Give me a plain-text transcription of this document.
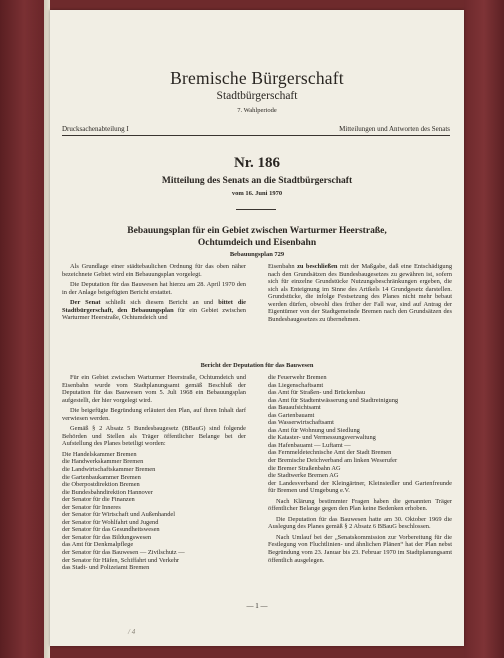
Bremische Bürgerschaft
Stadtbürgerschaft
7. Wahlperiode
Drucksachenabteilung I	Mitteilungen und Antworten des Senats
Nr. 186
Mitteilung des Senats an die Stadtbürgerschaft
vom 16. Juni 1970
Bebauungsplan für ein Gebiet zwischen Warturmer Heerstraße,
Ochtumdeich und Eisenbahn
Bebauungsplan 729

Als Grundlage einer städtebaulichen Ordnung für das oben näher bezeichnete Gebiet wird ein Bebauungsplan vorgelegt.

Die Deputation für das Bauwesen hat hierzu am 28. April 1970 den in der Anlage beigefügten Bericht erstattet.

Der Senat schließt sich diesem Bericht an und bittet die Stadtbürgerschaft, den Bebauungsplan für ein Gebiet zwischen Warturmer Heerstraße, Ochtumdeich und

Eisenbahn zu beschließen mit der Maßgabe, daß eine Entschädigung nach den Grundsätzen des Bundesbaugesetzes zu gewähren ist, sofern sich für einzelne Grundstücke Nutzungsbeschränkungen ergeben, die sich als Enteignung im Sinne des Artikels 14 Grundgesetz darstellen. Grundstücke, die infolge Festsetzung des Planes nicht mehr bebaut werden dürfen, obwohl dies früher der Fall war, sind auf Antrag der Eigentümer von der Stadtgemeinde Bremen nach den Grundsätzen des Bundesbaugesetzes zu übernehmen.

Bericht der Deputation für das Bauwesen

Für ein Gebiet zwischen Warturmer Heerstraße, Ochtumdeich und Eisenbahn wurde vom Stadtplanungsamt gemäß Beschluß der Deputation für das Bauwesen vom 5. Juli 1968 ein Bebauungsplan aufgestellt, der hier vorgelegt wird.

Die beigefügte Begründung erläutert den Plan, auf ihren Inhalt darf verwiesen werden.

Gemäß § 2 Absatz 5 Bundesbaugesetz (BBauG) sind folgende Behörden und Stellen als Träger öffentlicher Belange bei der Aufstellung des Planes beteiligt worden:

Die Handelskammer Bremen
die Handwerkskammer Bremen
die Landwirtschaftskammer Bremen
die Gartenbaukammer Bremen
die Oberpostdirektion Bremen
die Bundesbahndirektion Hannover
der Senator für die Finanzen
der Senator für Inneres
der Senator für Wirtschaft und Außenhandel
der Senator für Wohlfahrt und Jugend
der Senator für das Gesundheitswesen
der Senator für das Bildungswesen
das Amt für Denkmalpflege
der Senator für das Bauwesen — Zivilschutz —
der Senator für Häfen, Schiffahrt und Verkehr
das Stadt- und Polizeiamt Bremen
die Feuerwehr Bremen
das Liegenschaftsamt
das Amt für Straßen- und Brückenbau
das Amt für Stadtentwässerung und Stadtreinigung
das Bauaufsichtsamt
das Gartenbauamt
das Wasserwirtschaftsamt
das Amt für Wohnung und Siedlung
die Kataster- und Vermessungsverwaltung
das Hafenbauamt — Luftamt —
das Fernmeldetechnische Amt der Stadt Bremen
der Bremische Deichverband am linken Weserufer
die Bremer Straßenbahn AG
die Stadtwerke Bremen AG
der Landesverband der Kleingärtner, Kleinsiedler und Gartenfreunde für Bremen und Umgebung e.V.

Nach Klärung bestimmter Fragen haben die genannten Träger öffentlicher Belange gegen den Plan keine Bedenken erhoben.

Die Deputation für das Bauwesen hatte am 30. Oktober 1969 die Auslegung des Planes gemäß § 2 Absatz 6 BBauG beschlossen.

Nach Umlauf bei der „Senatskommission zur Vorbereitung für die Festlegung von Fluchtlinien- und ähnlichen Plänen“ hat der Plan nebst Begründung vom 23. Januar bis 23. Februar 1970 im Stadtplanungsamt öffentlich ausgelegen.

— 1 —
/ 4
